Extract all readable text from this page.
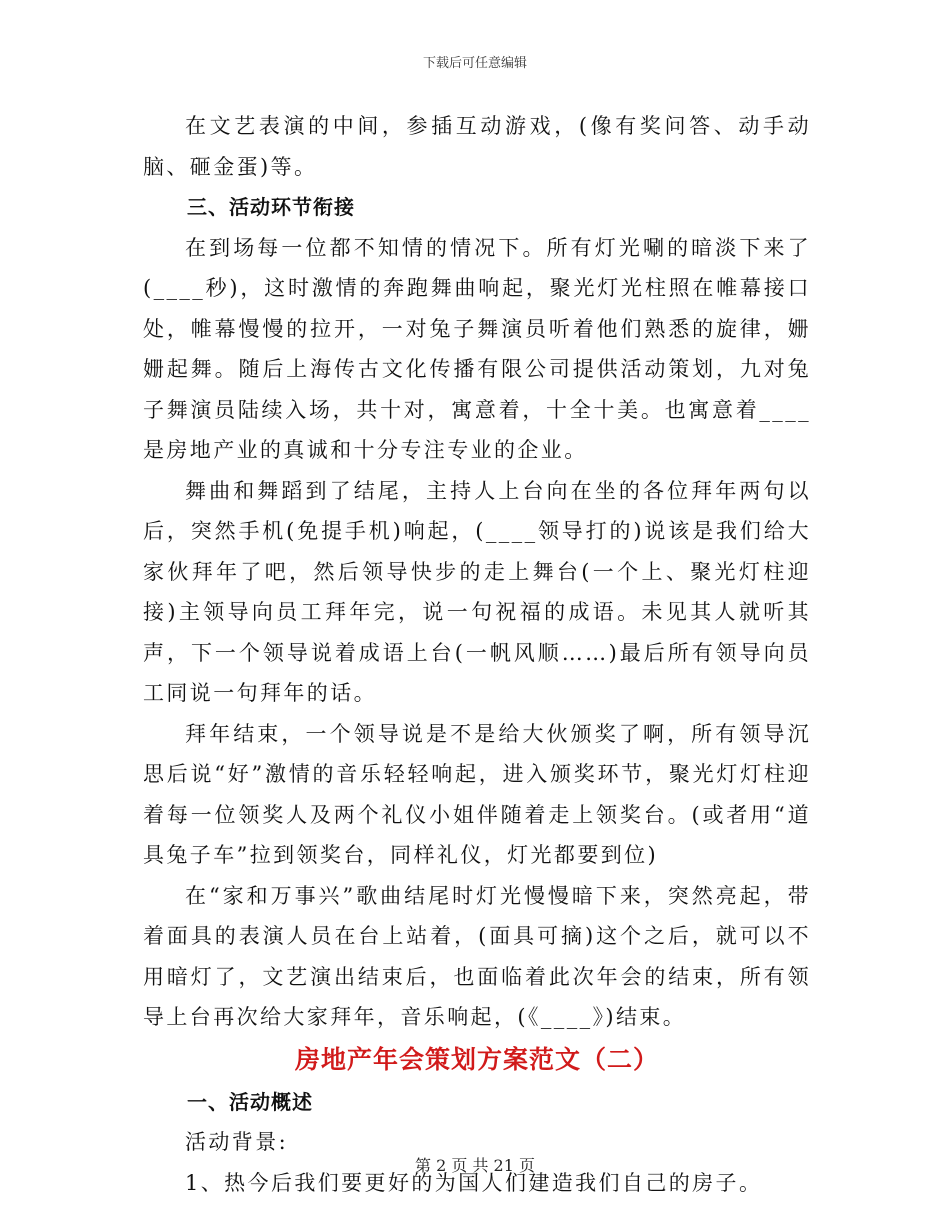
下载后可任意编辑

在文艺表演的中间，参插互动游戏，(像有奖问答、动手动脑、砸金蛋)等。

三、活动环节衔接

在到场每一位都不知情的情况下。所有灯光唰的暗淡下来了(____秒)，这时激情的奔跑舞曲响起，聚光灯光柱照在帷幕接口处，帷幕慢慢的拉开，一对兔子舞演员听着他们熟悉的旋律，姗姗起舞。随后上海传古文化传播有限公司提供活动策划，九对兔子舞演员陆续入场，共十对，寓意着，十全十美。也寓意着____是房地产业的真诚和十分专注专业的企业。

舞曲和舞蹈到了结尾，主持人上台向在坐的各位拜年两句以后，突然手机(免提手机)响起，(____领导打的)说该是我们给大家伙拜年了吧，然后领导快步的走上舞台(一个上、聚光灯柱迎接)主领导向员工拜年完，说一句祝福的成语。未见其人就听其声，下一个领导说着成语上台(一帆风顺……)最后所有领导向员工同说一句拜年的话。

拜年结束，一个领导说是不是给大伙颁奖了啊，所有领导沉思后说“好”激情的音乐轻轻响起，进入颁奖环节，聚光灯灯柱迎着每一位领奖人及两个礼仪小姐伴随着走上领奖台。(或者用“道具兔子车”拉到领奖台，同样礼仪，灯光都要到位)

在“家和万事兴”歌曲结尾时灯光慢慢暗下来，突然亮起，带着面具的表演人员在台上站着，(面具可摘)这个之后，就可以不用暗灯了，文艺演出结束后，也面临着此次年会的结束，所有领导上台再次给大家拜年，音乐响起，(《____》)结束。

房地产年会策划方案范文（二）

一、活动概述

活动背景:

1、热今后我们要更好的为国人们建造我们自己的房子。

第 2 页 共 21 页
